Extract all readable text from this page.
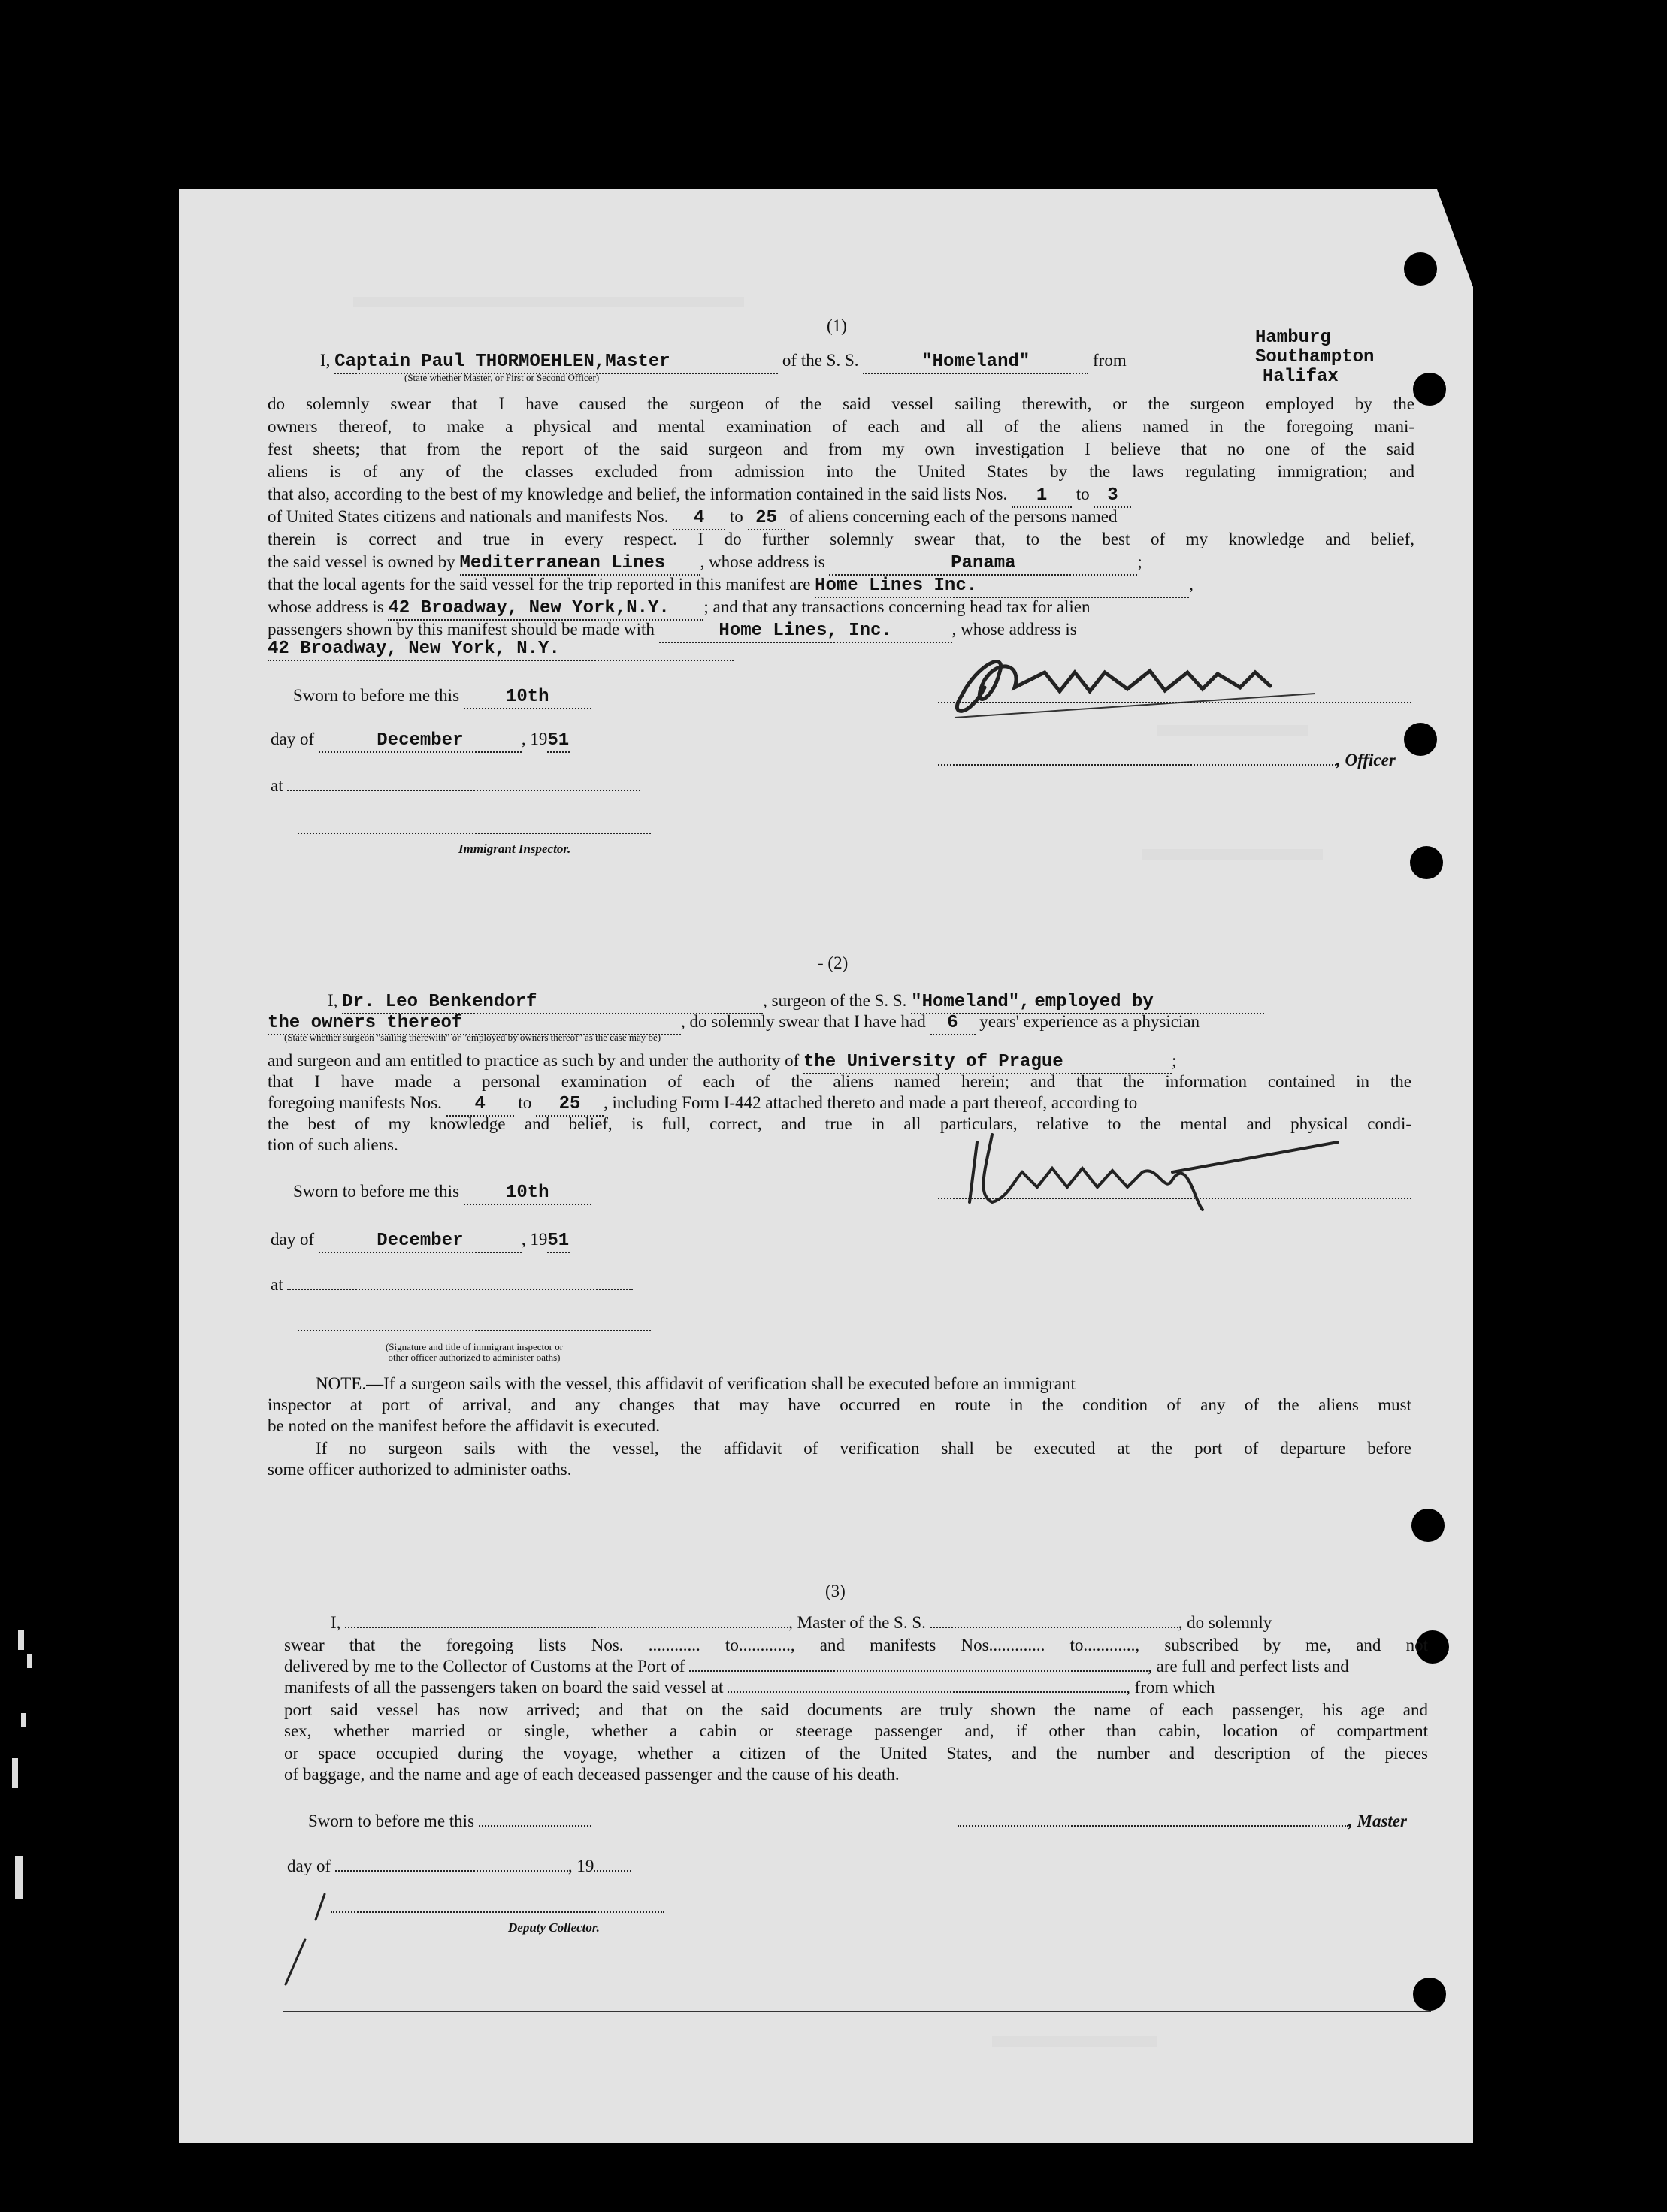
(1)
I, Captain Paul THORMOEHLEN,Master	of the S. S.	"Homeland"	from
Hamburg
Southampton
Halifax
(State whether Master, or First or Second Officer)
do solemnly swear that I have caused the surgeon of the said vessel sailing therewith, or the surgeon employed by the
owners thereof, to make a physical and mental examination of each and all of the aliens named in the foregoing mani-
fest sheets; that from the report of the said surgeon and from my own investigation I believe that no one of the said
aliens is of any of the classes excluded from admission into the United States by the laws regulating immigration; and
that also, according to the best of my knowledge and belief, the information contained in the said lists Nos. 1 to 3
of United States citizens and nationals and manifests Nos. 4 to 25 of aliens concerning each of the persons named
therein is correct and true in every respect. I do further solemnly swear that, to the best of my knowledge and belief,
the said vessel is owned by Mediterranean Lines , whose address is	Panama	;
that the local agents for the said vessel for the trip reported in this manifest are Home Lines Inc.	,
whose address is 42 Broadway, New York,N.Y. ; and that any transactions concerning head tax for alien
passengers shown by this manifest should be made with	Home Lines, Inc.	, whose address is
42 Broadway, New York, N.Y.
Sworn to before me this	10th
day of	December	, 1951
at
Immigrant Inspector.
, Officer
- (2)
I, Dr. Leo Benkendorf	, surgeon of the S. S. "Homeland", employed by
the owners thereof	, do solemnly swear that I have had 6 years' experience as a physician
(State whether surgeon "sailing therewith" or "employed by owners thereof" as the case may be)
and surgeon and am entitled to practice as such by and under the authority of the University of Prague	;
that I have made a personal examination of each of the aliens named herein; and that the information contained in the
foregoing manifests Nos. 4 to 25 , including Form I-442 attached thereto and made a part thereof, according to
the best of my knowledge and belief, is full, correct, and true in all particulars, relative to the mental and physical condi-
tion of such aliens.
Sworn to before me this	10th
day of	December	, 1951
at
(Signature and title of immigrant inspector or
other officer authorized to administer oaths)
NOTE.—If a surgeon sails with the vessel, this affidavit of verification shall be executed before an immigrant
inspector at port of arrival, and any changes that may have occurred en route in the condition of any of the aliens must
be noted on the manifest before the affidavit is executed.
If no surgeon sails with the vessel, the affidavit of verification shall be executed at the port of departure before
some officer authorized to administer oaths.
(3)
I,	, Master of the S. S.	, do solemnly
swear that the foregoing lists Nos. ............ to............, and manifests Nos............. to............, subscribed by me, and not
delivered by me to the Collector of Customs at the Port of	, are full and perfect lists and
manifests of all the passengers taken on board the said vessel at	, from which
port said vessel has now arrived; and that on the said documents are truly shown the name of each passenger, his age and
sex, whether married or single, whether a cabin or steerage passenger and, if other than cabin, location of compartment
or space occupied during the voyage, whether a citizen of the United States, and the number and description of the pieces
of baggage, and the name and age of each deceased passenger and the cause of his death.
Sworn to before me this	, Master
day of	, 19
Deputy Collector.
